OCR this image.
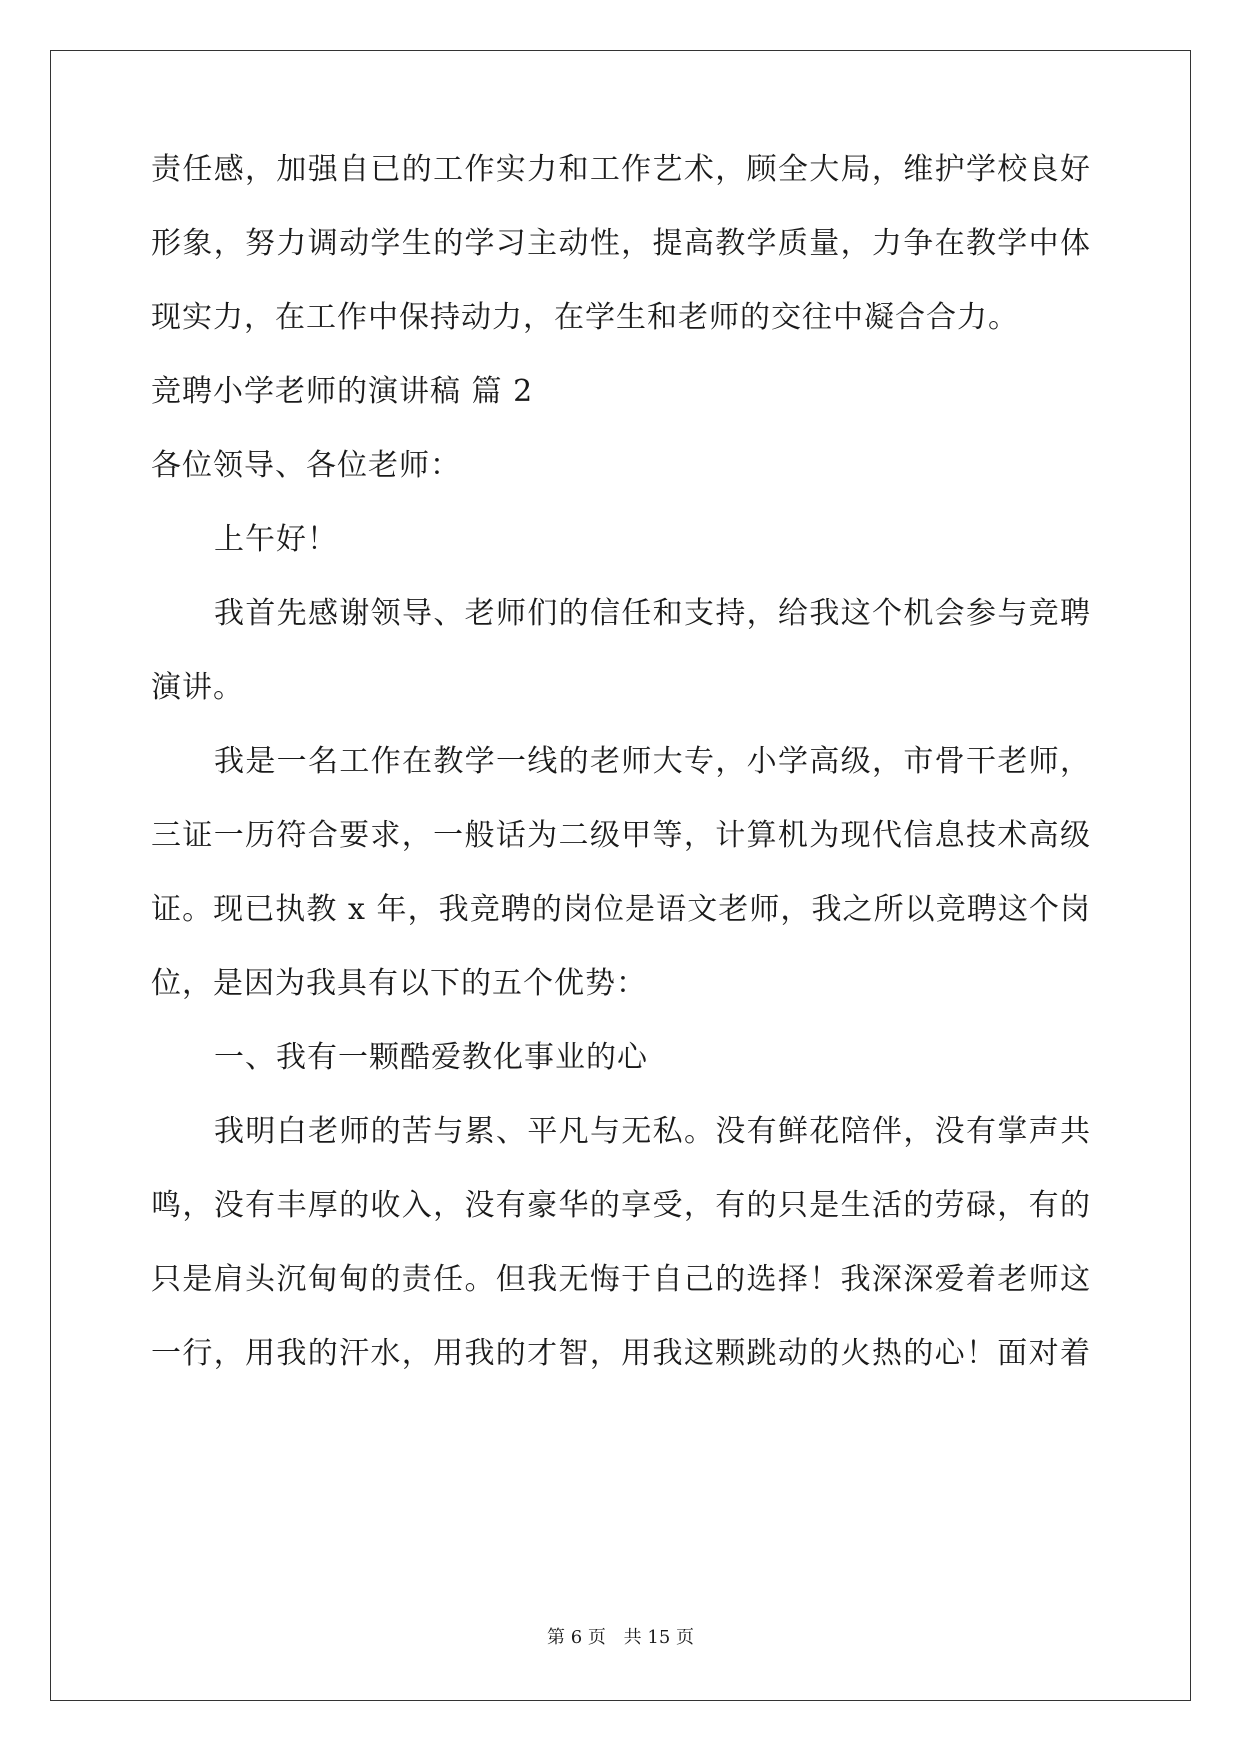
责任感，加强自已的工作实力和工作艺术，顾全大局，维护学校良好
形象，努力调动学生的学习主动性，提高教学质量，力争在教学中体
现实力，在工作中保持动力，在学生和老师的交往中凝合合力。
竞聘小学老师的演讲稿 篇 2
各位领导、各位老师：
上午好！
我首先感谢领导、老师们的信任和支持，给我这个机会参与竞聘
演讲。
我是一名工作在教学一线的老师大专，小学高级，市骨干老师，
三证一历符合要求，一般话为二级甲等，计算机为现代信息技术高级
证。现已执教 x 年，我竞聘的岗位是语文老师，我之所以竞聘这个岗
位，是因为我具有以下的五个优势：
一、我有一颗酷爱教化事业的心
我明白老师的苦与累、平凡与无私。没有鲜花陪伴，没有掌声共
鸣，没有丰厚的收入，没有豪华的享受，有的只是生活的劳碌，有的
只是肩头沉甸甸的责任。但我无悔于自己的选择！我深深爱着老师这
一行，用我的汗水，用我的才智，用我这颗跳动的火热的心！面对着
第 6 页 共 15 页
